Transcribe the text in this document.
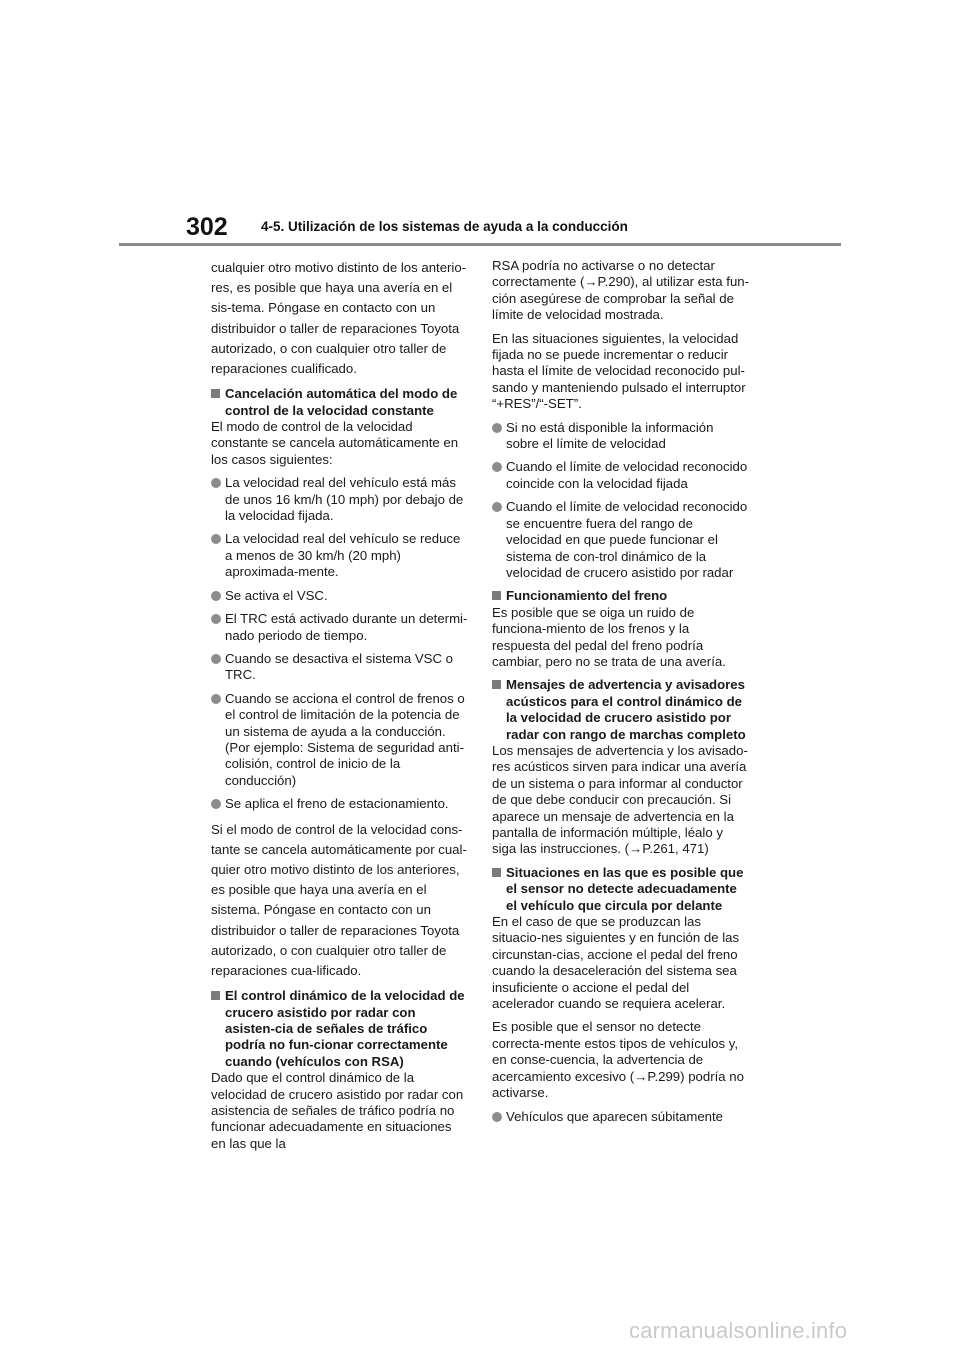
302 4-5. Utilización de los sistemas de ayuda a la conducción

cualquier otro motivo distinto de los anterio-res, es posible que haya una avería en el sis-tema. Póngase en contacto con un distribuidor o taller de reparaciones Toyota autorizado, o con cualquier otro taller de reparaciones cualificado.

Cancelación automática del modo de control de la velocidad constante

El modo de control de la velocidad constante se cancela automáticamente en los casos siguientes:

La velocidad real del vehículo está más de unos 16 km/h (10 mph) por debajo de la velocidad fijada.
La velocidad real del vehículo se reduce a menos de 30 km/h (20 mph) aproximada-mente.
Se activa el VSC.
El TRC está activado durante un determi-nado periodo de tiempo.
Cuando se desactiva el sistema VSC o TRC.
Cuando se acciona el control de frenos o el control de limitación de la potencia de un sistema de ayuda a la conducción.
(Por ejemplo: Sistema de seguridad anti-colisión, control de inicio de la conducción)
Se aplica el freno de estacionamiento.

Si el modo de control de la velocidad cons-tante se cancela automáticamente por cual-quier otro motivo distinto de los anteriores, es posible que haya una avería en el sistema. Póngase en contacto con un distribuidor o taller de reparaciones Toyota autorizado, o con cualquier otro taller de reparaciones cua-lificado.

El control dinámico de la velocidad de crucero asistido por radar con asisten-cia de señales de tráfico podría no fun-cionar correctamente cuando (vehículos con RSA)

Dado que el control dinámico de la velocidad de crucero asistido por radar con asistencia de señales de tráfico podría no funcionar adecuadamente en situaciones en las que la

RSA podría no activarse o no detectar correctamente (→P.290), al utilizar esta fun-ción asegúrese de comprobar la señal de límite de velocidad mostrada.

En las situaciones siguientes, la velocidad fijada no se puede incrementar o reducir hasta el límite de velocidad reconocido pul-sando y manteniendo pulsado el interruptor “+RES”/“-SET”.

Si no está disponible la información sobre el límite de velocidad
Cuando el límite de velocidad reconocido coincide con la velocidad fijada
Cuando el límite de velocidad reconocido se encuentre fuera del rango de velocidad en que puede funcionar el sistema de con-trol dinámico de la velocidad de crucero asistido por radar
Funcionamiento del freno

Es posible que se oiga un ruido de funciona-miento de los frenos y la respuesta del pedal del freno podría cambiar, pero no se trata de una avería.

Mensajes de advertencia y avisadores acústicos para el control dinámico de la velocidad de crucero asistido por radar con rango de marchas completo

Los mensajes de advertencia y los avisado-res acústicos sirven para indicar una avería de un sistema o para informar al conductor de que debe conducir con precaución. Si aparece un mensaje de advertencia en la pantalla de información múltiple, léalo y siga las instrucciones. (→P.261, 471)

Situaciones en las que es posible que el sensor no detecte adecuadamente el vehículo que circula por delante

En el caso de que se produzcan las situacio-nes siguientes y en función de las circunstan-cias, accione el pedal del freno cuando la desaceleración del sistema sea insuficiente o accione el pedal del acelerador cuando se requiera acelerar.

Es posible que el sensor no detecte correcta-mente estos tipos de vehículos y, en conse-cuencia, la advertencia de acercamiento excesivo (→P.299) podría no activarse.

Vehículos que aparecen súbitamente
carmanualsonline.info
